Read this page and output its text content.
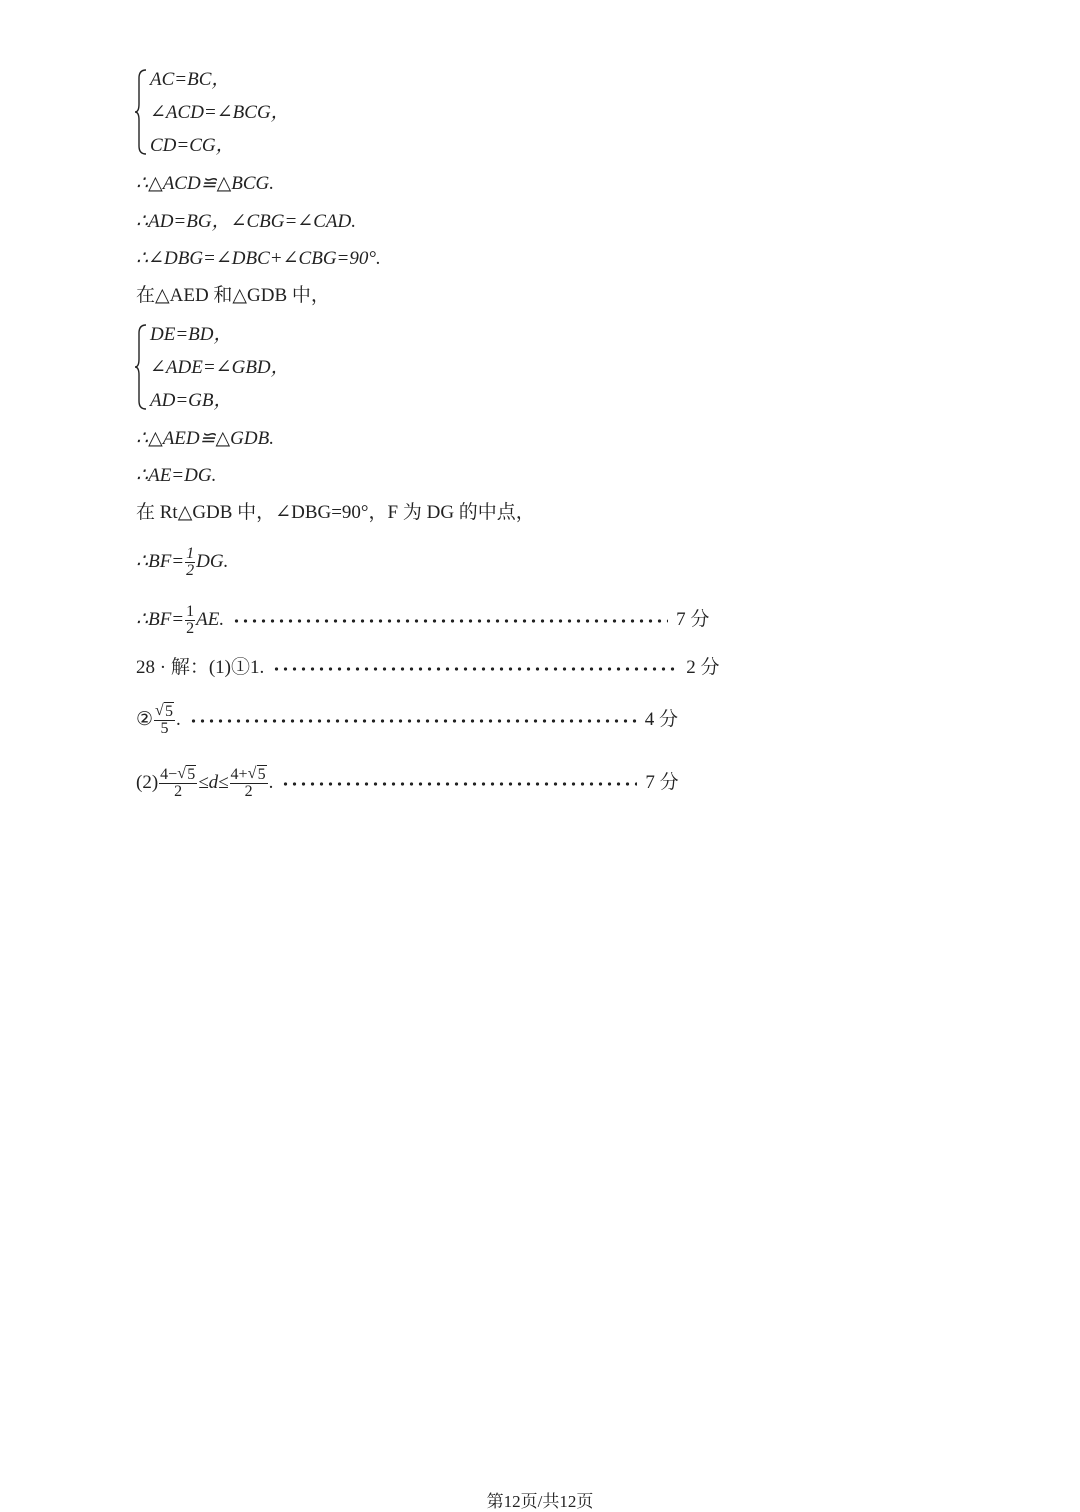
AC=BC，
∠ACD=∠BCG，
CD=CG，
∴△ACD≌△BCG.
∴AD=BG，∠CBG=∠CAD.
∴∠DBG=∠DBC+∠CBG=90°.
在△AED 和△GDB 中，
DE=BD，
∠ADE=∠GBD，
AD=GB，
∴△AED≌△GDB.
∴AE=DG.
在 Rt△GDB 中，∠DBG=90°，F 为 DG 的中点，
∴BF= $\frac{1}{2}$ DG.
∴BF= $\frac{1}{2}$ AE.	7 分
28 · 解：(1)①1.	2 分
② $\frac{√ 5}{5}$ .	4 分
$(2) \frac{4- √ 5}{2} \le d\le \frac{4+ √ 5}{2}$ .	7 分
第12页/共12页
